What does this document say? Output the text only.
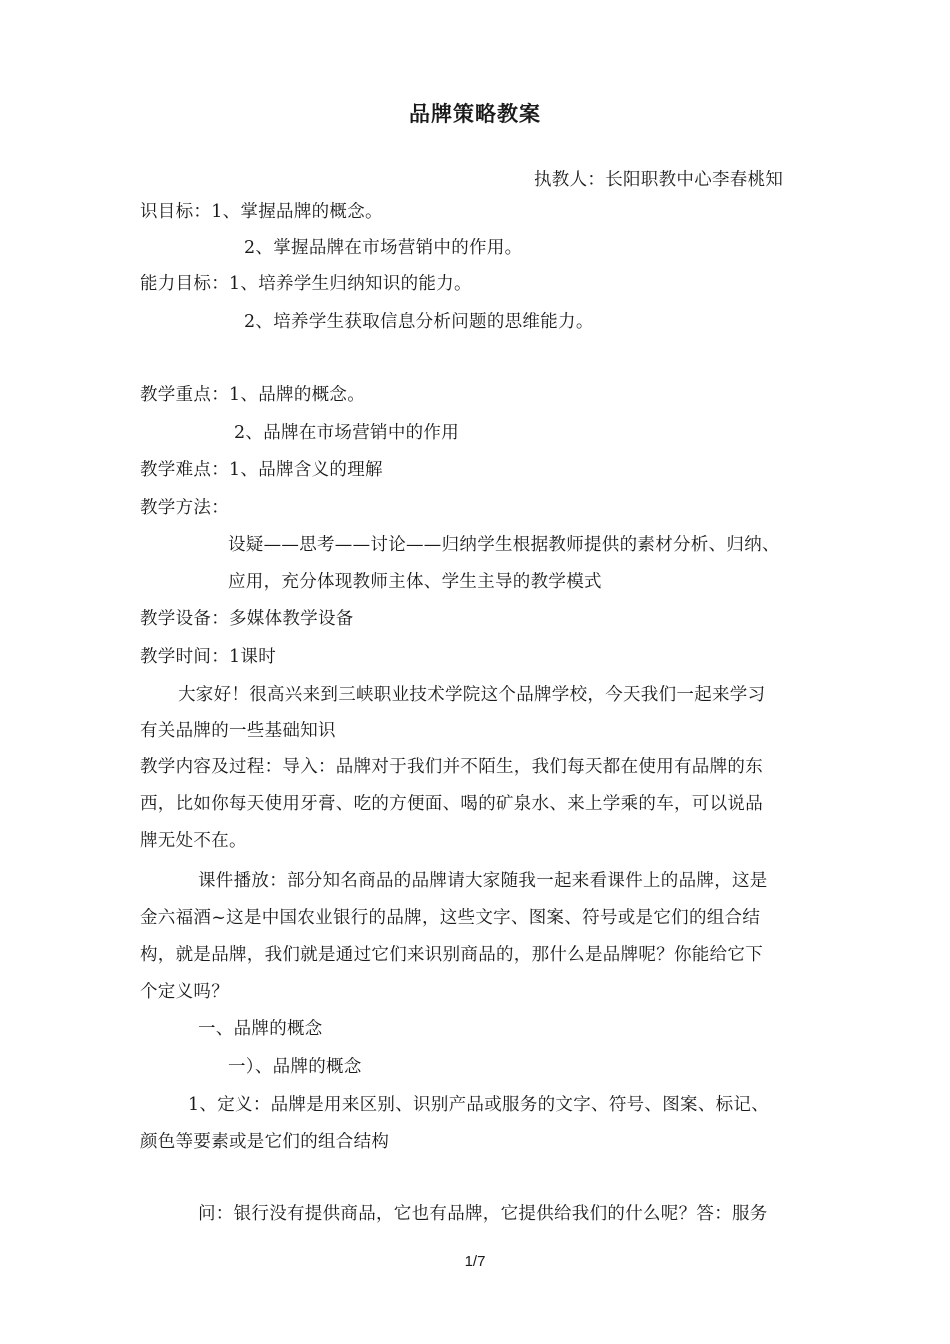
品牌策略教案
执教人：长阳职教中心李春桃知
识目标：1、掌握品牌的概念。
2、掌握品牌在市场营销中的作用。
能力目标：1、培养学生归纳知识的能力。
2、培养学生获取信息分析问题的思维能力。
教学重点：1、品牌的概念。
2、品牌在市场营销中的作用
教学难点：1、品牌含义的理解
教学方法：
设疑——思考——讨论——归纳学生根据教师提供的素材分析、归纳、
应用，充分体现教师主体、学生主导的教学模式
教学设备：多媒体教学设备
教学时间：1课时
大家好！很高兴来到三峡职业技术学院这个品牌学校，今天我们一起来学习
有关品牌的一些基础知识
教学内容及过程：导入：品牌对于我们并不陌生，我们每天都在使用有品牌的东
西，比如你每天使用牙膏、吃的方便面、喝的矿泉水、来上学乘的车，可以说品
牌无处不在。
课件播放：部分知名商品的品牌请大家随我一起来看课件上的品牌，这是
金六福酒~这是中国农业银行的品牌，这些文字、图案、符号或是它们的组合结
构，就是品牌，我们就是通过它们来识别商品的，那什么是品牌呢？你能给它下
个定义吗？
一、品牌的概念
一）、品牌的概念
1、定义：品牌是用来区别、识别产品或服务的文字、符号、图案、标记、
颜色等要素或是它们的组合结构
问：银行没有提供商品，它也有品牌，它提供给我们的什么呢？答：服务
1/7
